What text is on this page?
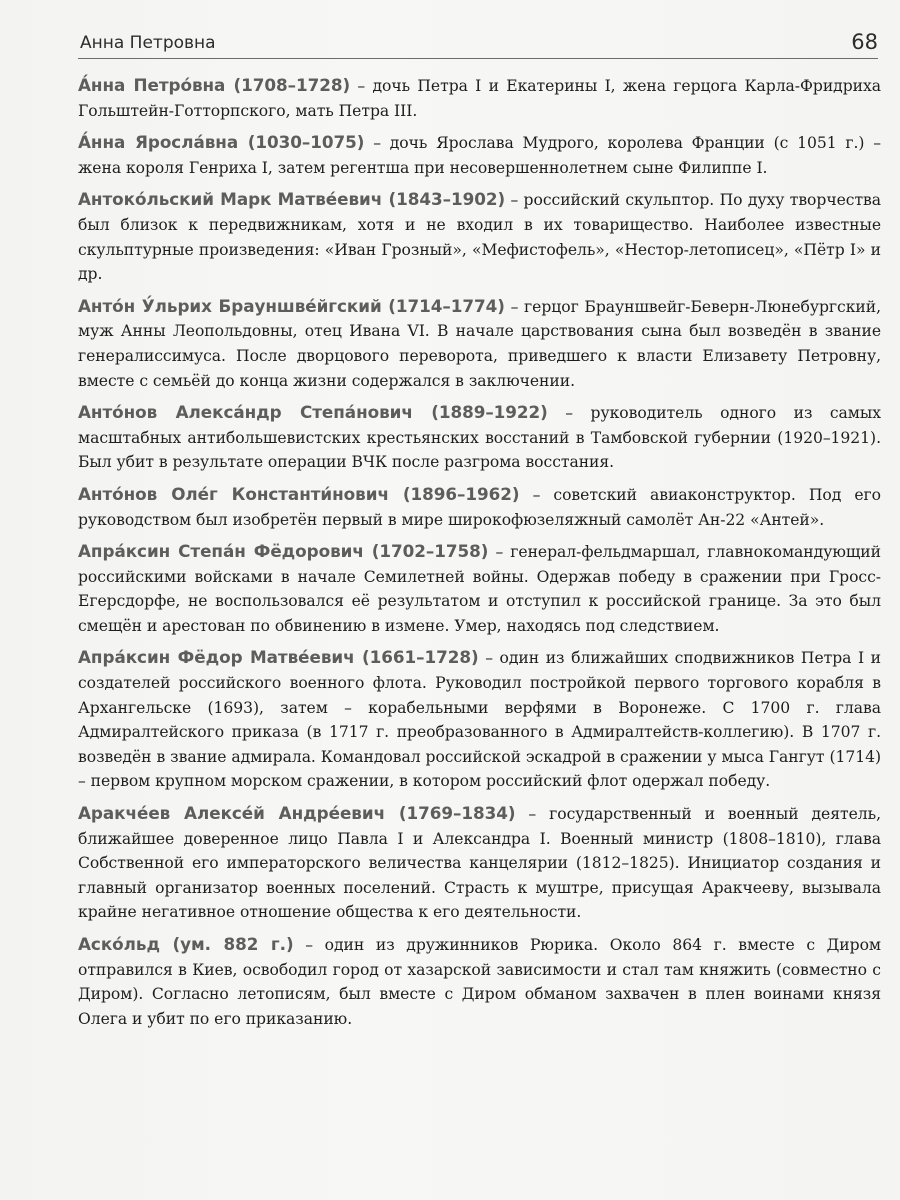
Анна Петровна	68

А́нна Петро́вна (1708–1728) – дочь Петра I и Екатерины I, жена герцога Карла-Фридриха Гольштейн-Готторпского, мать Петра III.

А́нна Яросла́вна (1030–1075) – дочь Ярослава Мудрого, королева Франции (с 1051 г.) – жена короля Генриха I, затем регентша при несовершеннолетнем сыне Филиппе I.

Антоко́льский Марк Матве́евич (1843–1902) – российский скульптор. По духу творчества был близок к передвижникам, хотя и не входил в их товарищество. Наиболее известные скульптурные произведения: «Иван Грозный», «Мефистофель», «Нестор-летописец», «Пётр I» и др.

Анто́н У́льрих Брауншве́йгский (1714–1774) – герцог Брауншвейг-Беверн-Люнебургский, муж Анны Леопольдовны, отец Ивана VI. В начале царствования сына был возведён в звание генералиссимуса. После дворцового переворота, приведшего к власти Елизавету Петровну, вместе с семьёй до конца жизни содержался в заключении.

Анто́нов Алекса́ндр Степа́нович (1889–1922) – руководитель одного из самых масштабных антибольшевистских крестьянских восстаний в Тамбовской губернии (1920–1921). Был убит в результате операции ВЧК после разгрома восстания.

Анто́нов Оле́г Константи́нович (1896–1962) – советский авиаконструктор. Под его руководством был изобретён первый в мире широкофюзеляжный самолёт Ан-22 «Антей».

Апра́ксин Степа́н Фёдорович (1702–1758) – генерал-фельдмаршал, главнокомандующий российскими войсками в начале Семилетней войны. Одержав победу в сражении при Гросс-Егерсдорфе, не воспользовался её результатом и отступил к российской границе. За это был смещён и арестован по обвинению в измене. Умер, находясь под следствием.

Апра́ксин Фёдор Матве́евич (1661–1728) – один из ближайших сподвижников Петра I и создателей российского военного флота. Руководил постройкой первого торгового корабля в Архангельске (1693), затем – корабельными верфями в Воронеже. С 1700 г. глава Адмиралтейского приказа (в 1717 г. преобразованного в Адмиралтейств-коллегию). В 1707 г. возведён в звание адмирала. Командовал российской эскадрой в сражении у мыса Гангут (1714) – первом крупном морском сражении, в котором российский флот одержал победу.

Аракче́ев Алексе́й Андре́евич (1769–1834) – государственный и военный деятель, ближайшее доверенное лицо Павла I и Александра I. Военный министр (1808–1810), глава Собственной его императорского величества канцелярии (1812–1825). Инициатор создания и главный организатор военных поселений. Страсть к муштре, присущая Аракчееву, вызывала крайне негативное отношение общества к его деятельности.

Аско́льд (ум. 882 г.) – один из дружинников Рюрика. Около 864 г. вместе с Диром отправился в Киев, освободил город от хазарской зависимости и стал там княжить (совместно с Диром). Согласно летописям, был вместе с Диром обманом захвачен в плен воинами князя Олега и убит по его приказанию.
